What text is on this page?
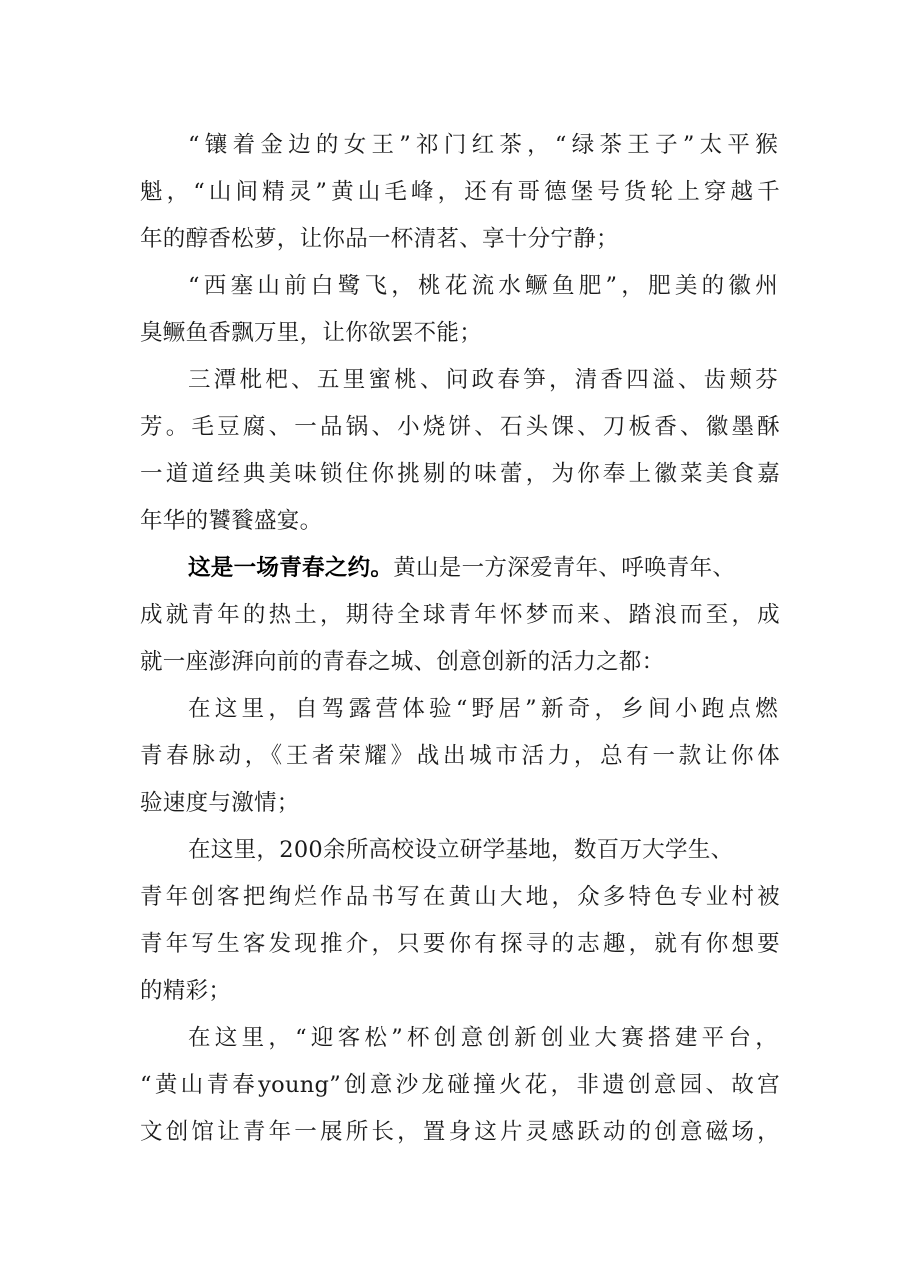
“镶着金边的女王”祁门红茶，“绿茶王子”太平猴
魁，“山间精灵”黄山毛峰，还有哥德堡号货轮上穿越千
年的醇香松萝，让你品一杯清茗、享十分宁静；
“西塞山前白鹭飞，桃花流水鳜鱼肥”，肥美的徽州
臭鳜鱼香飘万里，让你欲罢不能；
三潭枇杷、五里蜜桃、问政春笋，清香四溢、齿颊芬
芳。毛豆腐、一品锅、小烧饼、石头馃、刀板香、徽墨酥
一道道经典美味锁住你挑剔的味蕾，为你奉上徽菜美食嘉
年华的饕餮盛宴。
这是一场青春之约。黄山是一方深爱青年、呼唤青年、
成就青年的热土，期待全球青年怀梦而来、踏浪而至，成
就一座澎湃向前的青春之城、创意创新的活力之都：
在这里，自驾露营体验“野居”新奇，乡间小跑点燃
青春脉动，《王者荣耀》战出城市活力，总有一款让你体
验速度与激情；
在这里，200余所高校设立研学基地，数百万大学生、
青年创客把绚烂作品书写在黄山大地，众多特色专业村被
青年写生客发现推介，只要你有探寻的志趣，就有你想要
的精彩；
在这里，“迎客松”杯创意创新创业大赛搭建平台，
“黄山青春young”创意沙龙碰撞火花，非遗创意园、故宫
文创馆让青年一展所长，置身这片灵感跃动的创意磁场，
